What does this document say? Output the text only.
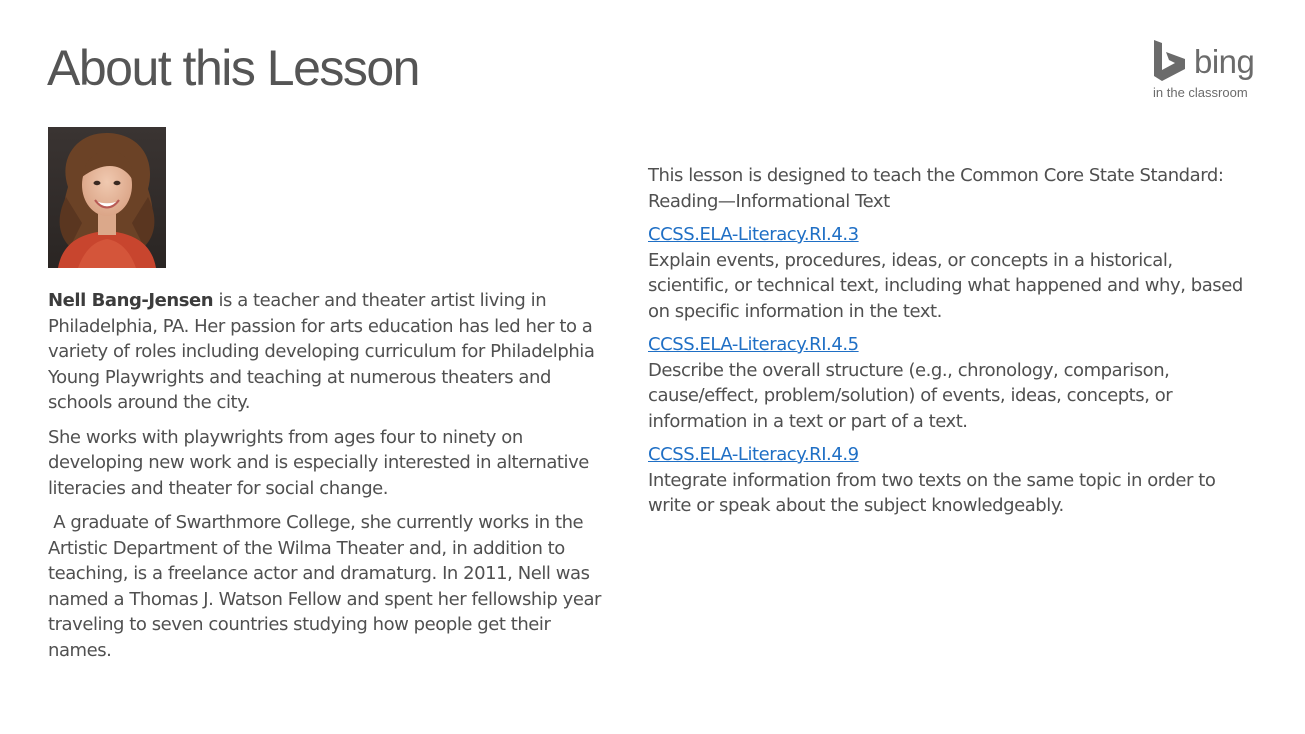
About this Lesson	bing
in the classroom

Nell Bang-Jensen is a teacher and theater artist living in Philadelphia, PA. Her passion for arts education has led her to a variety of roles including developing curriculum for Philadelphia Young Playwrights and teaching at numerous theaters and schools around the city.

She works with playwrights from ages four to ninety on developing new work and is especially interested in alternative literacies and theater for social change.

A graduate of Swarthmore College, she currently works in the Artistic Department of the Wilma Theater and, in addition to teaching, is a freelance actor and dramaturg. In 2011, Nell was named a Thomas J. Watson Fellow and spent her fellowship year traveling to seven countries studying how people get their names.

This lesson is designed to teach the Common Core State Standard: Reading—Informational Text

CCSS.ELA-Literacy.RI.4.3
Explain events, procedures, ideas, or concepts in a historical, scientific, or technical text, including what happened and why, based on specific information in the text.

CCSS.ELA-Literacy.RI.4.5
Describe the overall structure (e.g., chronology, comparison, cause/effect, problem/solution) of events, ideas, concepts, or information in a text or part of a text.

CCSS.ELA-Literacy.RI.4.9
Integrate information from two texts on the same topic in order to write or speak about the subject knowledgeably.
